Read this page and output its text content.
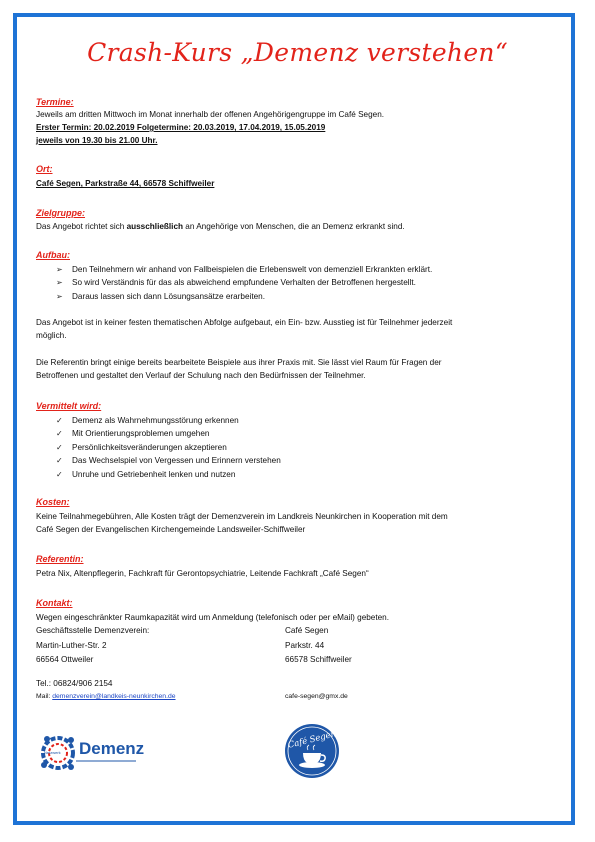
Crash-Kurs „Demenz verstehen“
Termine:
Jeweils am dritten Mittwoch im Monat innerhalb der offenen Angehörigengruppe im Café Segen.
Erster Termin: 20.02.2019 Folgetermine: 20.03.2019, 17.04.2019, 15.05.2019
jeweils von 19.30 bis 21.00 Uhr.
Ort:
Café Segen, Parkstraße 44, 66578 Schiffweiler
Zielgruppe:
Das Angebot richtet sich ausschließlich an Angehörige von Menschen, die an Demenz erkrankt sind.
Aufbau:
➢ Den Teilnehmern wir anhand von Fallbeispielen die Erlebenswelt von demenziell Erkrankten erklärt.
➢ So wird Verständnis für das als abweichend empfundene Verhalten der Betroffenen hergestellt.
➢ Daraus lassen sich dann Lösungsansätze erarbeiten.
Das Angebot ist in keiner festen thematischen Abfolge aufgebaut, ein Ein- bzw. Ausstieg ist für Teilnehmer jederzeit
möglich.
Die Referentin bringt einige bereits bearbeitete Beispiele aus ihrer Praxis mit. Sie lässt viel Raum für Fragen der
Betroffenen und gestaltet den Verlauf der Schulung nach den Bedürfnissen der Teilnehmer.
Vermittelt wird:
✓ Demenz als Wahrnehmungsstörung erkennen
✓ Mit Orientierungsproblemen umgehen
✓ Persönlichkeitsveränderungen akzeptieren
✓ Das Wechselspiel von Vergessen und Erinnern verstehen
✓ Unruhe und Getriebenheit lenken und nutzen
Kosten:
Keine Teilnahmegebühren, Alle Kosten trägt der Demenzverein im Landkreis Neunkirchen in Kooperation mit dem
Café Segen der Evangelischen Kirchengemeinde Landsweiler-Schiffweiler
Referentin:
Petra Nix, Altenpflegerin, Fachkraft für Gerontopsychiatrie, Leitende Fachkraft „Café Segen“
Kontakt:
Wegen eingeschränkter Raumkapazität wird um Anmeldung (telefonisch oder per eMail) gebeten.
Geschäftsstelle Demenzverein:
Martin-Luther-Str. 2
66564 Ottweiler
Café Segen
Parkstr. 44
66578 Schiffweiler
Tel.: 06824/906 2154
Mail: demenzverein@landkeis-neunkirchen.de	cafe-segen@gmx.de
Demenz
Netzwerk
Café Segen
